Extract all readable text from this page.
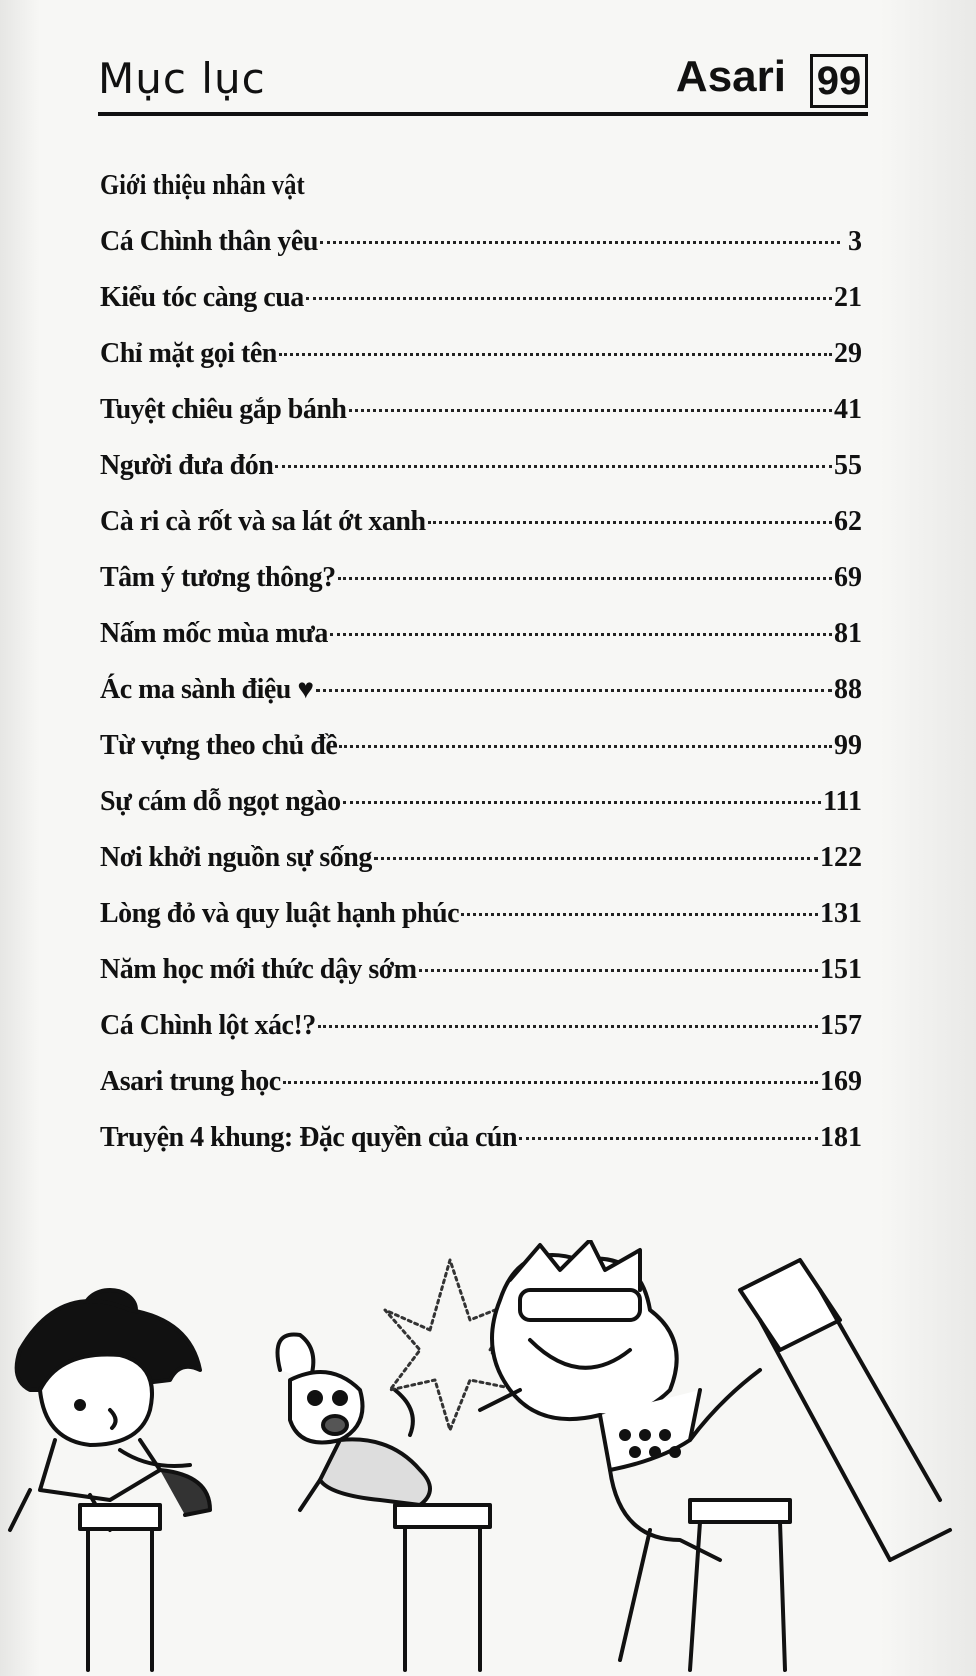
Mục lục	Asari 99
Giới thiệu nhân vật
Cá Chình thân yêu	3
Kiểu tóc càng cua	21
Chỉ mặt gọi tên	29
Tuyệt chiêu gắp bánh	41
Người đưa đón	55
Cà ri cà rốt và sa lát ớt xanh	62
Tâm ý tương thông?	69
Nấm mốc mùa mưa	81
Ác ma sành điệu ♥	88
Từ vựng theo chủ đề	99
Sự cám dỗ ngọt ngào	111
Nơi khởi nguồn sự sống	122
Lòng đỏ và quy luật hạnh phúc	131
Năm học mới thức dậy sớm	151
Cá Chình lột xác!?	157
Asari trung học	169
Truyện 4 khung: Đặc quyền của cún	181
